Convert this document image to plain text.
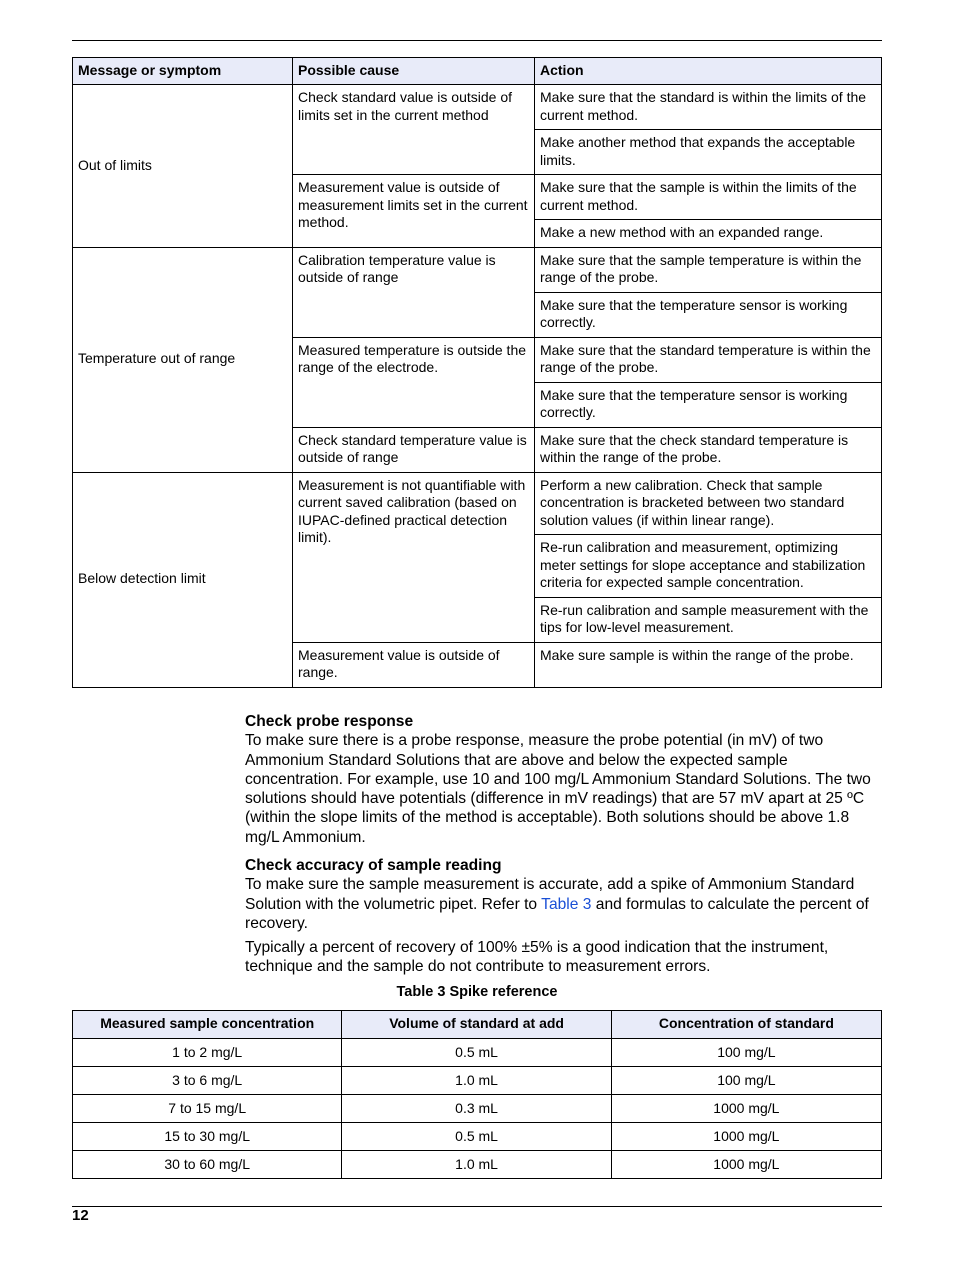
Message or symptom	Possible cause	Action
Out of limits	Check standard value is outside of limits set in the current method	Make sure that the standard is within the limits of the current method.
		Make another method that expands the acceptable limits.
	Measurement value is outside of measurement limits set in the current method.	Make sure that the sample is within the limits of the current method.
		Make a new method with an expanded range.
Temperature out of range	Calibration temperature value is outside of range	Make sure that the sample temperature is within the range of the probe.
		Make sure that the temperature sensor is working correctly.
	Measured temperature is outside the range of the electrode.	Make sure that the standard temperature is within the range of the probe.
		Make sure that the temperature sensor is working correctly.
	Check standard temperature value is outside of range	Make sure that the check standard temperature is within the range of the probe.
Below detection limit	Measurement is not quantifiable with current saved calibration (based on IUPAC-defined practical detection limit).	Perform a new calibration. Check that sample concentration is bracketed between two standard solution values (if within linear range).
		Re-run calibration and measurement, optimizing meter settings for slope acceptance and stabilization criteria for expected sample concentration.
		Re-run calibration and sample measurement with the tips for low-level measurement.
	Measurement value is outside of range.	Make sure sample is within the range of the probe.

Check probe response

To make sure there is a probe response, measure the probe potential (in mV) of two Ammonium Standard Solutions that are above and below the expected sample concentration. For example, use 10 and 100 mg/L Ammonium Standard Solutions. The two solutions should have potentials (difference in mV readings) that are 57 mV apart at 25 ºC (within the slope limits of the method is acceptable). Both solutions should be above 1.8 mg/L Ammonium.

Check accuracy of sample reading

To make sure the sample measurement is accurate, add a spike of Ammonium Standard Solution with the volumetric pipet. Refer to Table 3 and formulas to calculate the percent of recovery.

Typically a percent of recovery of 100% ±5% is a good indication that the instrument, technique and the sample do not contribute to measurement errors.

Table 3 Spike reference
Measured sample concentration	Volume of standard at add	Concentration of standard
1 to 2 mg/L	0.5 mL	100 mg/L
3 to 6 mg/L	1.0 mL	100 mg/L
7 to 15 mg/L	0.3 mL	1000 mg/L
15 to 30 mg/L	0.5 mL	1000 mg/L
30 to 60 mg/L	1.0 mL	1000 mg/L
12
